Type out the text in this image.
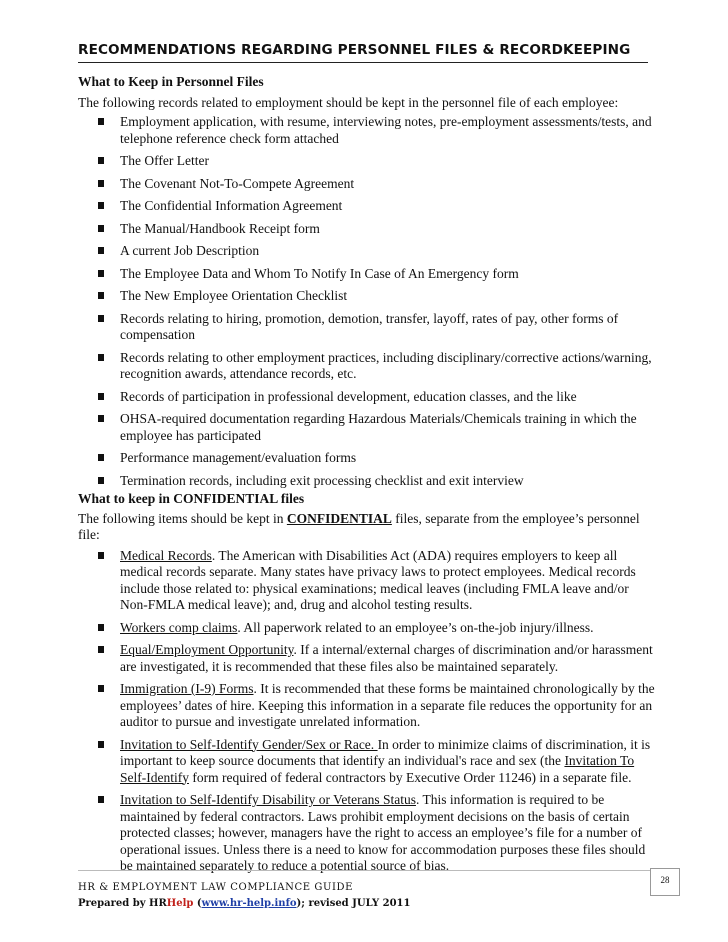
RECOMMENDATIONS REGARDING PERSONNEL FILES & RECORDKEEPING

What to Keep in Personnel Files

The following records related to employment should be kept in the personnel file of each employee:

Employment application, with resume, interviewing notes, pre-employment assessments/tests, and telephone reference check form attached
The Offer Letter
The Covenant Not-To-Compete Agreement
The Confidential Information Agreement
The Manual/Handbook Receipt form
A current Job Description
The Employee Data and Whom To Notify In Case of An Emergency form
The New Employee Orientation Checklist
Records relating to hiring, promotion, demotion, transfer, layoff, rates of pay, other forms of compensation
Records relating to other employment practices, including disciplinary/corrective actions/warning, recognition awards, attendance records, etc.
Records of participation in professional development, education classes, and the like
OHSA-required documentation regarding Hazardous Materials/Chemicals training in which the employee has participated
Performance management/evaluation forms
Termination records, including exit processing checklist and exit interview

What to keep in CONFIDENTIAL files

The following items should be kept in CONFIDENTIAL files, separate from the employee’s personnel file:

Medical Records. The American with Disabilities Act (ADA) requires employers to keep all medical records separate. Many states have privacy laws to protect employees. Medical records include those related to: physical examinations; medical leaves (including FMLA leave and/or Non-FMLA medical leave); and, drug and alcohol testing results.
Workers comp claims. All paperwork related to an employee’s on-the-job injury/illness.
Equal/Employment Opportunity. If a internal/external charges of discrimination and/or harassment are investigated, it is recommended that these files also be maintained separately.
Immigration (I-9) Forms. It is recommended that these forms be maintained chronologically by the employees’ dates of hire. Keeping this information in a separate file reduces the opportunity for an auditor to pursue and investigate unrelated information.
Invitation to Self-Identify Gender/Sex or Race. In order to minimize claims of discrimination, it is important to keep source documents that identify an individual's race and sex (the Invitation To Self-Identify form required of federal contractors by Executive Order 11246) in a separate file.
Invitation to Self-Identify Disability or Veterans Status. This information is required to be maintained by federal contractors. Laws prohibit employment decisions on the basis of certain protected classes; however, managers have the right to access an employee’s file for a number of operational issues. Unless there is a need to know for accommodation purposes these files should be maintained separately to reduce a potential source of bias.
28
HR & EMPLOYMENT LAW COMPLIANCE GUIDE
Prepared by HRHelp (www.hr-help.info); revised JULY 2011
